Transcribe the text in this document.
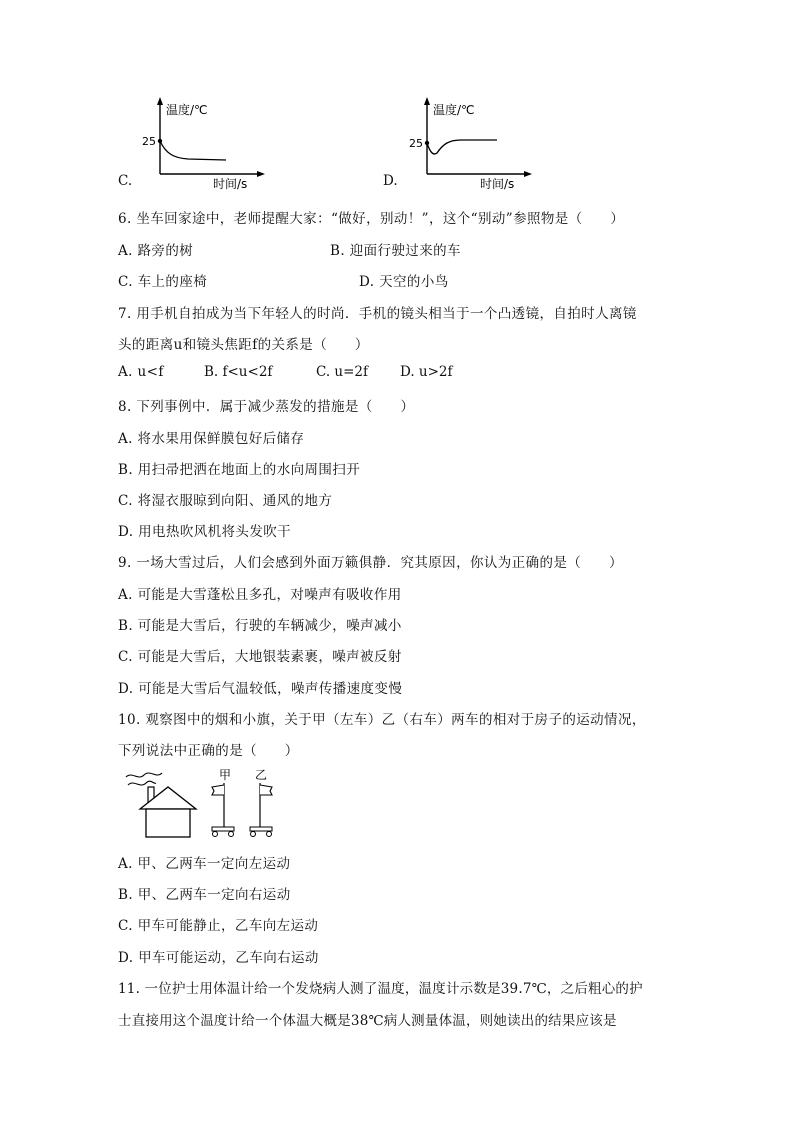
C.
温度/℃
25
时间/s	D.
温度/℃
25
时间/s
6. 坐车回家途中，老师提醒大家：“做好，别动！”，这个“别动”参照物是（　　）
A. 路旁的树	B. 迎面行驶过来的车
C. 车上的座椅	D. 天空的小鸟
7. 用手机自拍成为当下年轻人的时尚．手机的镜头相当于一个凸透镜，自拍时人离镜
头的距离u和镜头焦距f的关系是（　　）
A. u<f	B. f<u<2f	C. u=2f D. u>2f
8. 下列事例中．属于减少蒸发的措施是（　　）
A. 将水果用保鲜膜包好后储存
B. 用扫帚把洒在地面上的水向周围扫开
C. 将湿衣服晾到向阳、通风的地方
D. 用电热吹风机将头发吹干
9. 一场大雪过后，人们会感到外面万籁俱静．究其原因，你认为正确的是（　　）
A. 可能是大雪蓬松且多孔，对噪声有吸收作用
B. 可能是大雪后，行驶的车辆减少，噪声减小
C. 可能是大雪后，大地银装素裹，噪声被反射
D. 可能是大雪后气温较低，噪声传播速度变慢
10. 观察图中的烟和小旗，关于甲（左车）乙（右车）两车的相对于房子的运动情况，
下列说法中正确的是（　　）
甲 乙
A. 甲、乙两车一定向左运动
B. 甲、乙两车一定向右运动
C. 甲车可能静止，乙车向左运动
D. 甲车可能运动，乙车向右运动
11. 一位护士用体温计给一个发烧病人测了温度，温度计示数是39.7℃，之后粗心的护
士直接用这个温度计给一个体温大概是38℃病人测量体温，则她读出的结果应该是
